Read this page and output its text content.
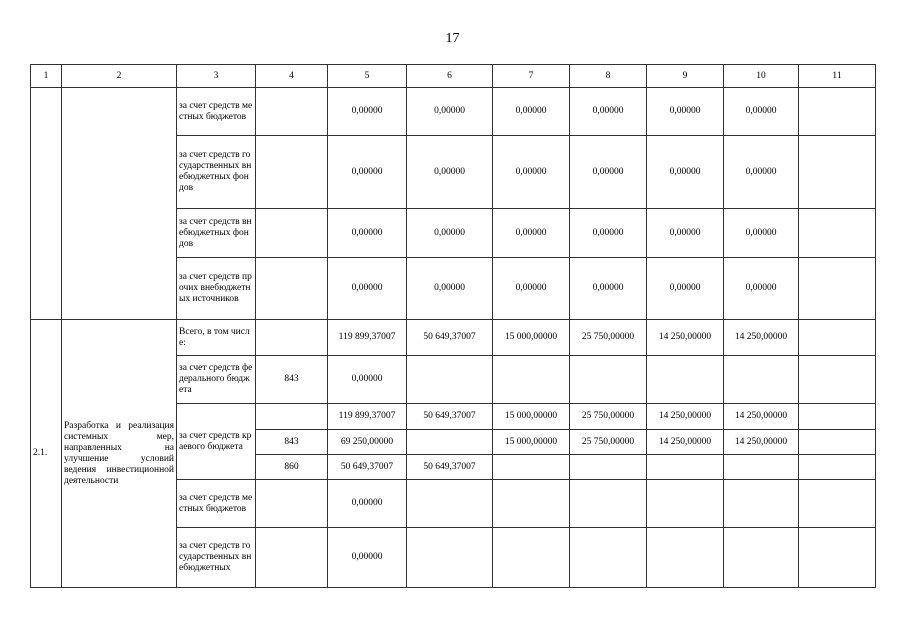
17
1	2	3	4	5	6	7	8	9	10	11
		за счет средств местных бюджетов		0,00000	0,00000	0,00000	0,00000	0,00000	0,00000	
		за счет средств государственных внебюджетных фондов		0,00000	0,00000	0,00000	0,00000	0,00000	0,00000	
		за счет средств внебюджетных фондов		0,00000	0,00000	0,00000	0,00000	0,00000	0,00000	
		за счет средств прочих внебюджетных источников		0,00000	0,00000	0,00000	0,00000	0,00000	0,00000	
2.1.	Разработка и реализация системных мер, направленных на улучшение условий ведения инвестиционной деятельности	Всего, в том числе:		119 899,37007	50 649,37007	15 000,00000	25 750,00000	14 250,00000	14 250,00000	
		за счет средств федерального бюджета	843	0,00000						
		за счет средств краевого бюджета		119 899,37007	50 649,37007	15 000,00000	25 750,00000	14 250,00000	14 250,00000	
			843	69 250,00000		15 000,00000	25 750,00000	14 250,00000	14 250,00000	
			860	50 649,37007	50 649,37007					
		за счет средств местных бюджетов		0,00000						
		за счет средств государственных внебюджетных		0,00000						
